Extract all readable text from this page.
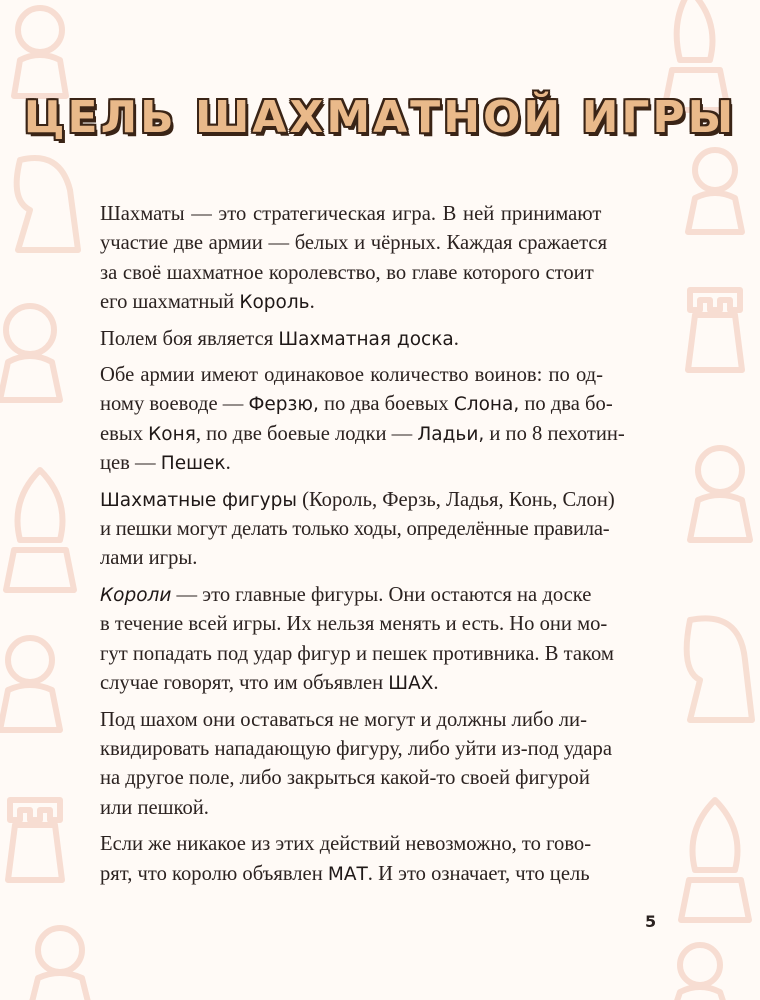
ЦЕЛЬ ШАХМАТНОЙ ИГРЫ

Шахматы — это стратегическая игра. В ней принимают
участие две армии — белых и чёрных. Каждая сражается
за своё шахматное королевство, во главе которого стоит
его шахматный Король.

Полем боя является Шахматная доска.

Обе армии имеют одинаковое количество воинов: по од-
ному воеводе — Ферзю, по два боевых Слона, по два бо-
евых Коня, по две боевые лодки — Ладьи, и по 8 пехотин-
цев — Пешек.

Шахматные фигуры (Король, Ферзь, Ладья, Конь, Слон)
и пешки могут делать только ходы, определённые правила-
лами игры.

Короли — это главные фигуры. Они остаются на доске
в течение всей игры. Их нельзя менять и есть. Но они мо-
гут попадать под удар фигур и пешек противника. В таком
случае говорят, что им объявлен ШАХ.

Под шахом они оставаться не могут и должны либо ли-
квидировать нападающую фигуру, либо уйти из-под удара
на другое поле, либо закрыться какой-то своей фигурой
или пешкой.

Если же никакое из этих действий невозможно, то гово-
рят, что королю объявлен МАТ. И это означает, что цель

5
